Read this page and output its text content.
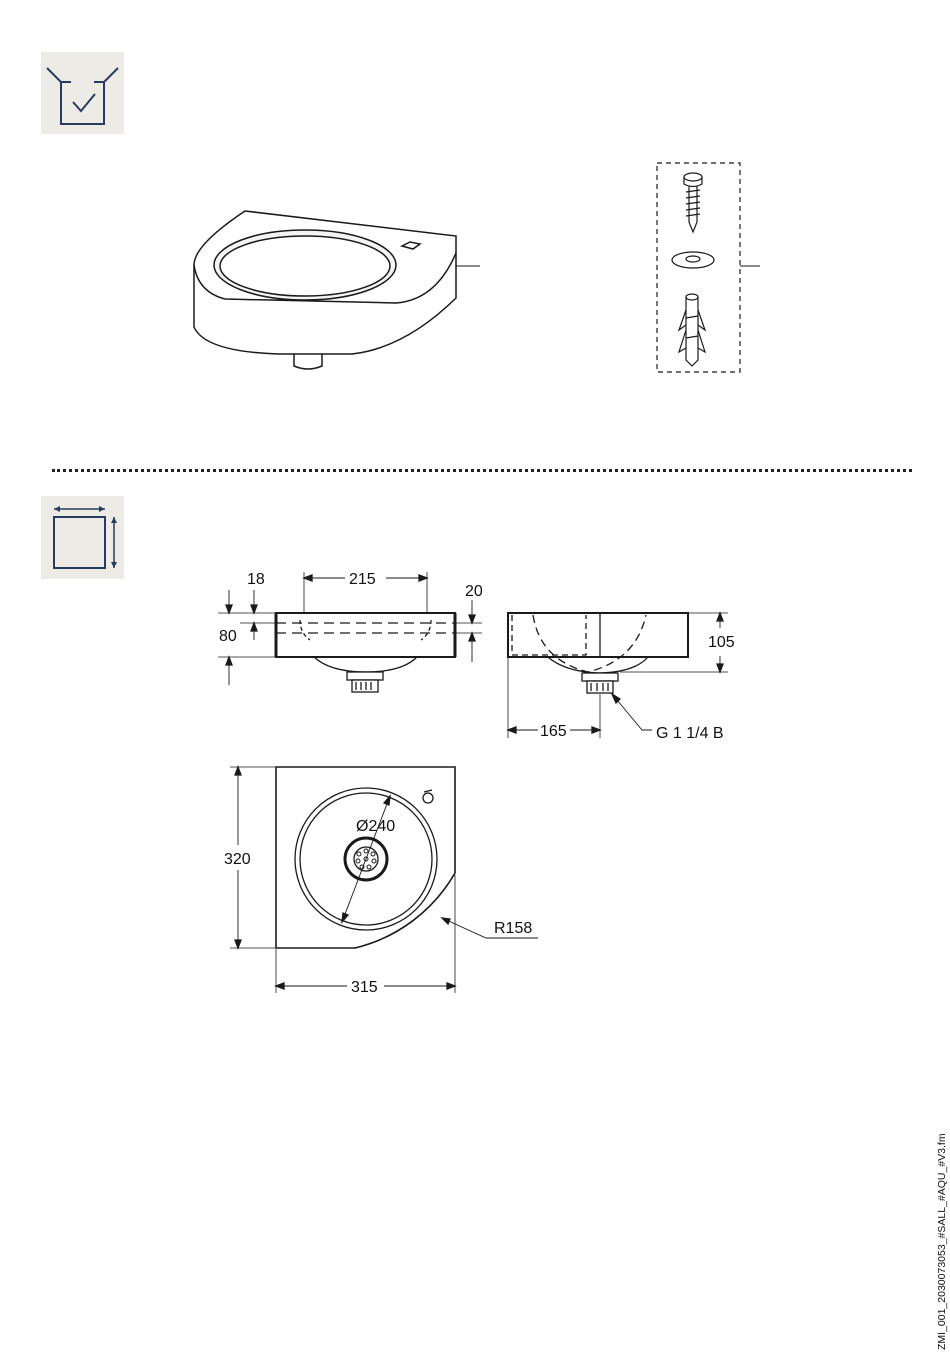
18	215
20
80	105
165	G 1 1/4 B
320
Ø240
R158
315
ZMI_001_2030073053_#SALL_#AQU_#V3.fm
